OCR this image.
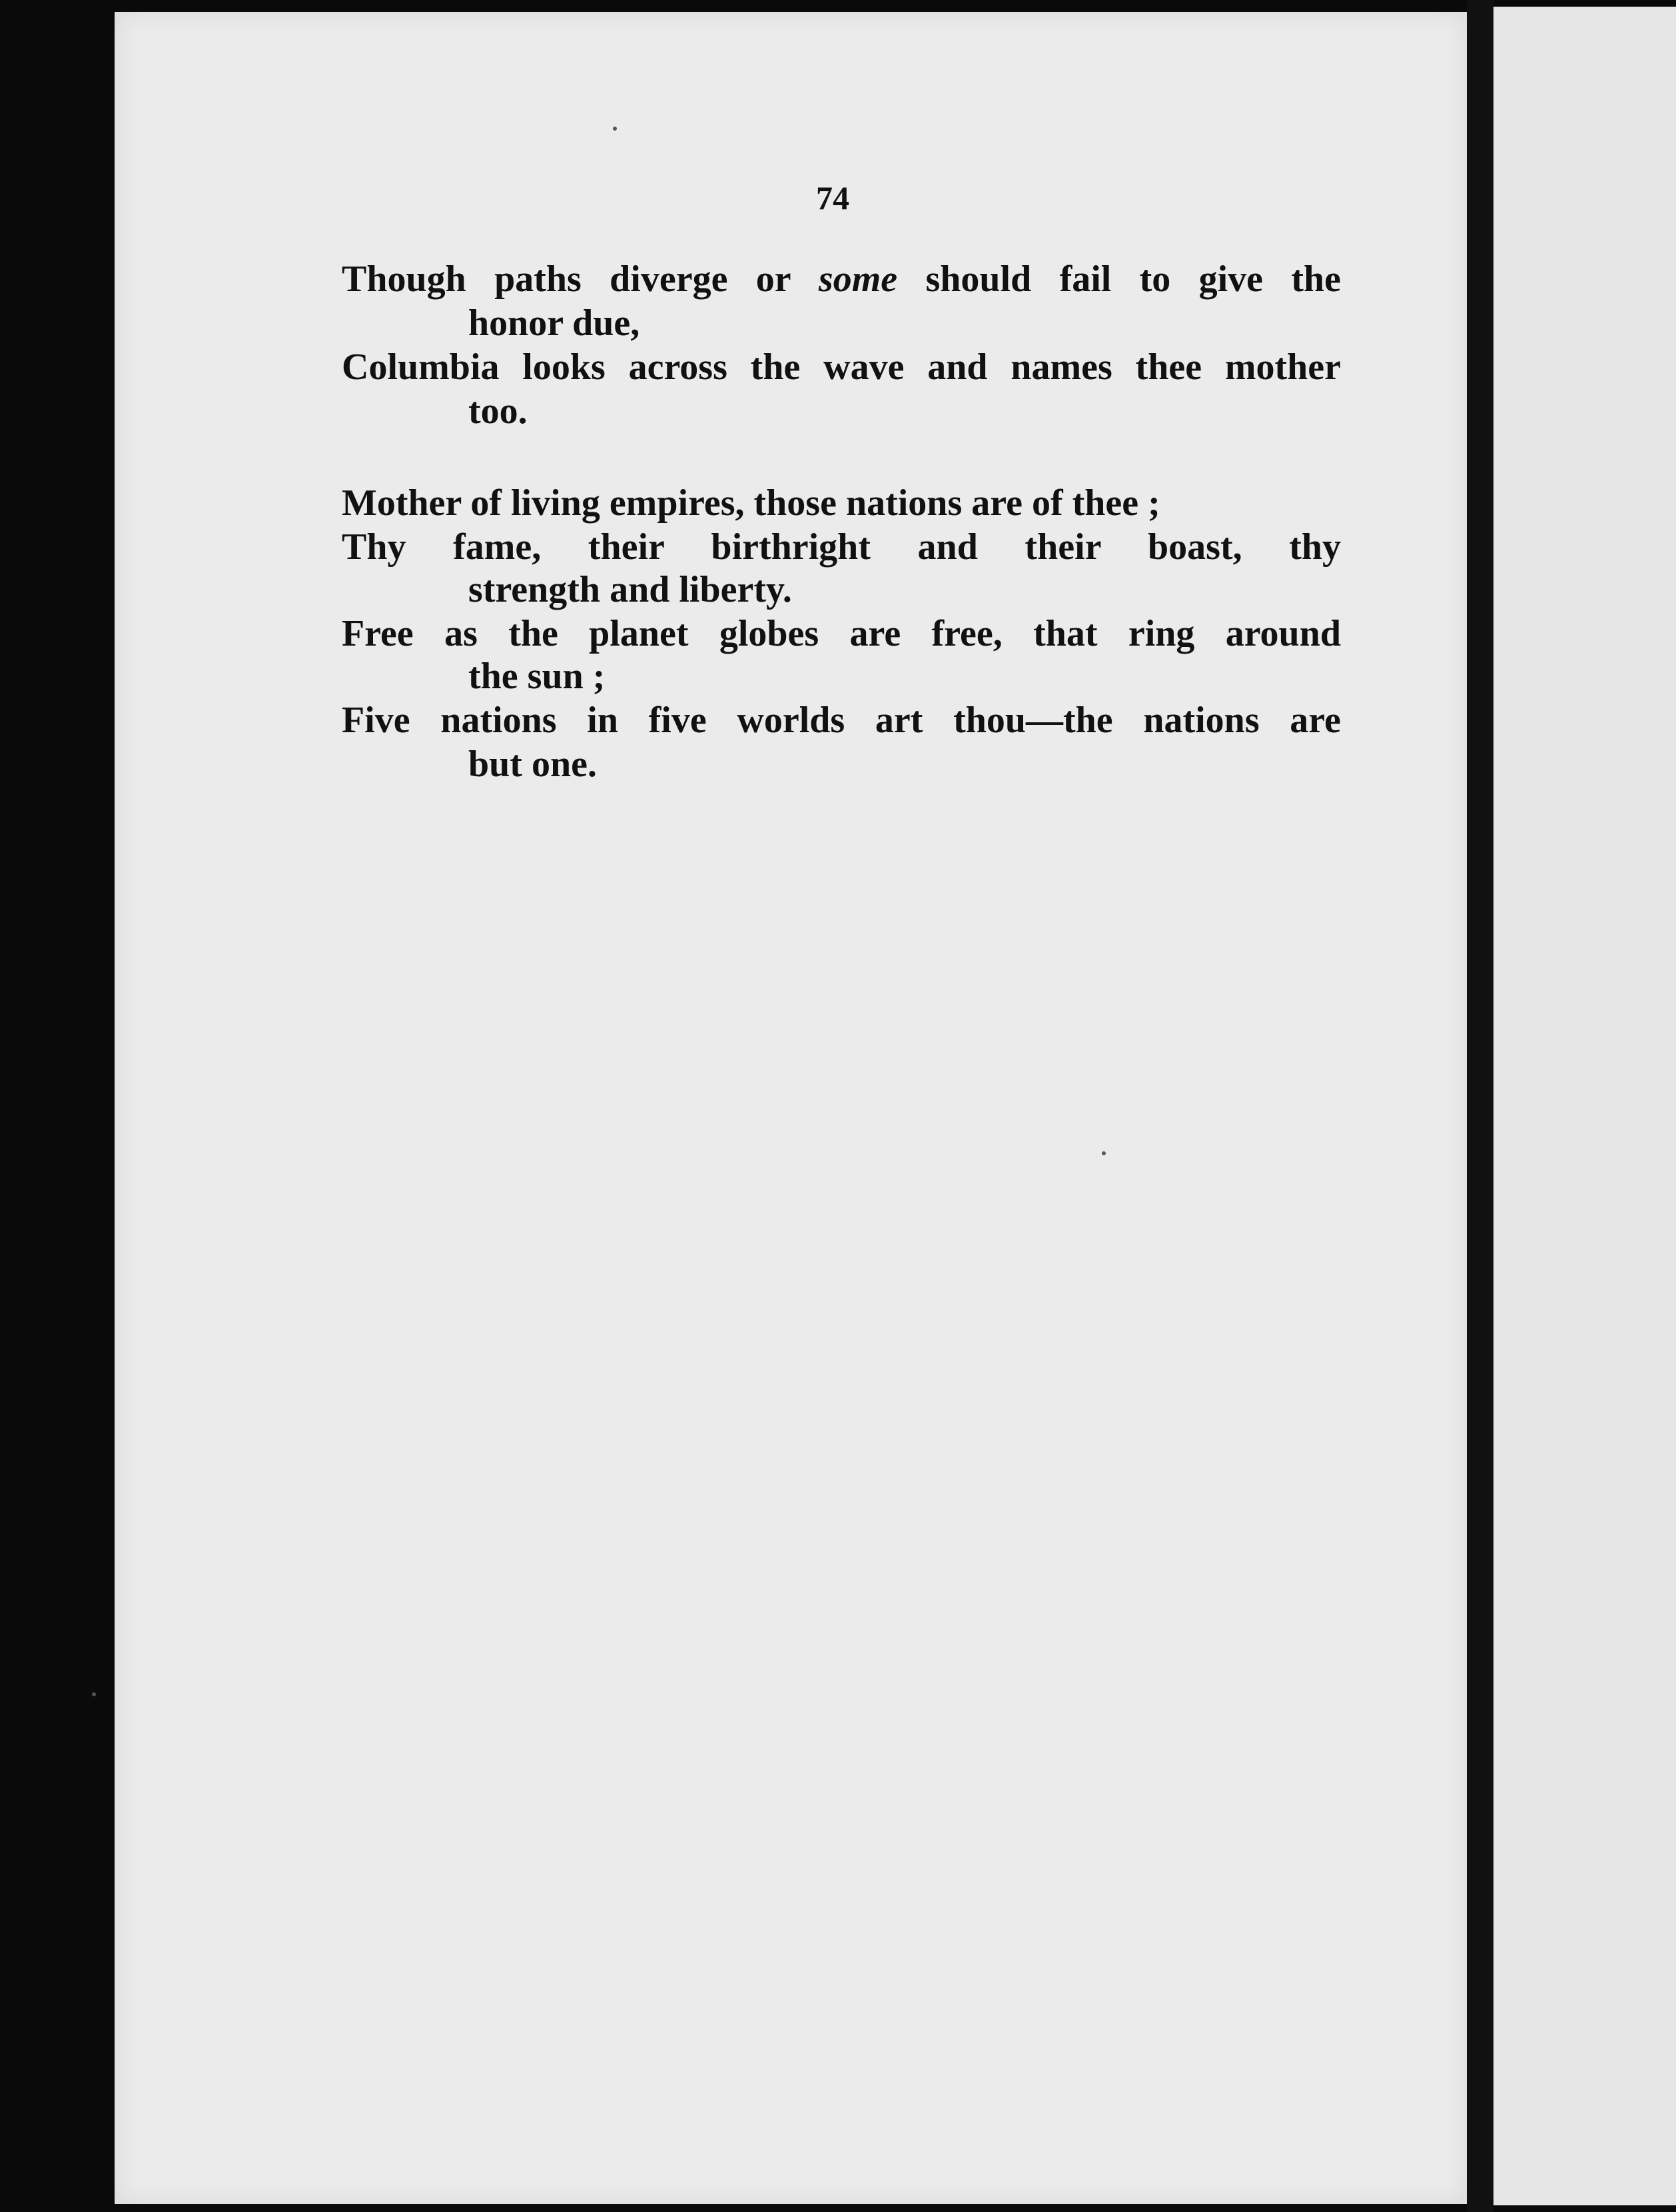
74
Though paths diverge or some should fail to give the
honor due,
Columbia looks across the wave and names thee mother
too.
Mother of living empires, those nations are of thee ;
Thy fame, their birthright and their boast, thy
strength and liberty.
Free as the planet globes are free, that ring around
the sun ;
Five nations in five worlds art thou—the nations are
but one.
